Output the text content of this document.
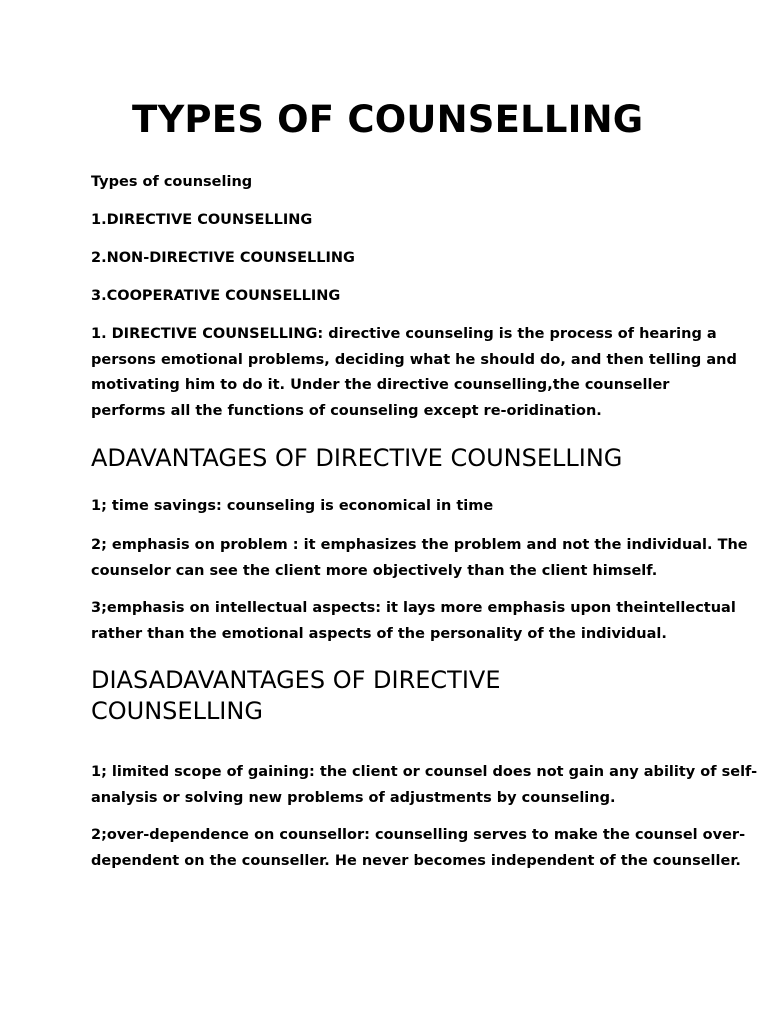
TYPES OF COUNSELLING

Types of counseling

1.DIRECTIVE COUNSELLING

2.NON-DIRECTIVE COUNSELLING

3.COOPERATIVE COUNSELLING

1. DIRECTIVE COUNSELLING: directive counseling is the process of hearing a
persons emotional problems, deciding what he should do, and then telling and
motivating him to do it. Under the directive counselling,the counseller
performs all the functions of counseling except re-oridination.
ADAVANTAGES OF DIRECTIVE COUNSELLING
1; time savings: counseling is economical in time
2; emphasis on problem : it emphasizes the problem and not the individual. The
counselor can see the client more objectively than the client himself.
3;emphasis on intellectual aspects: it lays more emphasis upon theintellectual
rather than the emotional aspects of the personality of the individual.
DIASADAVANTAGES OF DIRECTIVE
COUNSELLING
1; limited scope of gaining: the client or counsel does not gain any ability of self-
analysis or solving new problems of adjustments by counseling.
2;over-dependence on counsellor: counselling serves to make the counsel over-
dependent on the counseller. He never becomes independent of the counseller.
